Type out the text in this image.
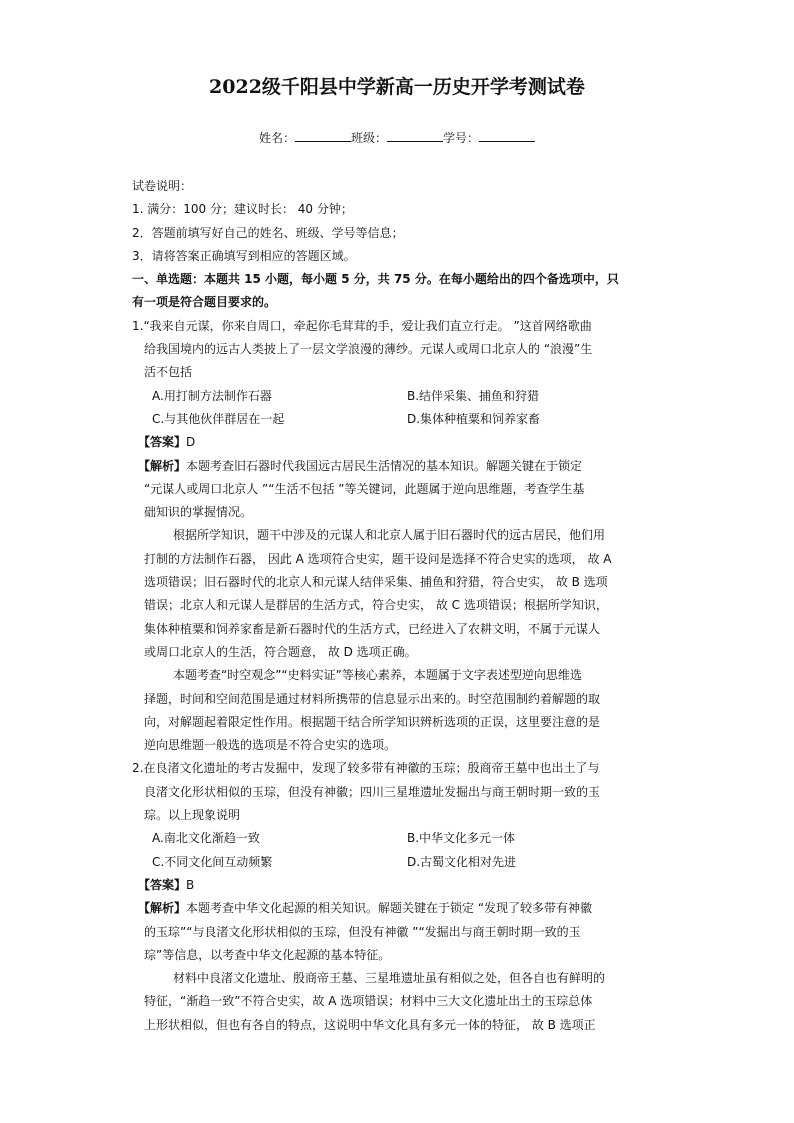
2022级千阳县中学新高一历史开学考测试卷
姓名：	班级：	学号：
试卷说明：
1. 满分：100 分；建议时长： 40 分钟；
2．答题前填写好自己的姓名、班级、学号等信息；
3．请将答案正确填写到相应的答题区域。
一、单选题：本题共 15 小题，每小题 5 分，共 75 分。在每小题给出的四个备选项中，只
有一项是符合题目要求的。
1.“我来自元谋，你来自周口，牵起你毛茸茸的手，爱让我们直立行走。 ”这首网络歌曲
给我国境内的远古人类披上了一层文学浪漫的薄纱。元谋人或周口北京人的 “浪漫”生
活不包括
A.用打制方法制作石器	B.结伴采集、捕鱼和狩猎
C.与其他伙伴群居在一起	D.集体种植粟和饲养家畜
【答案】D
【解析】本题考查旧石器时代我国远古居民生活情况的基本知识。解题关键在于锁定
“元谋人或周口北京人 ”“生活不包括 ”等关键词，此题属于逆向思维题，考查学生基
础知识的掌握情况。
根据所学知识，题干中涉及的元谋人和北京人属于旧石器时代的远古居民，他们用
打制的方法制作石器， 因此 A 选项符合史实，题干设问是选择不符合史实的选项， 故 A
选项错误；旧石器时代的北京人和元谋人结伴采集、捕鱼和狩猎，符合史实， 故 B 选项
错误；北京人和元谋人是群居的生活方式，符合史实， 故 C 选项错误；根据所学知识，
集体种植粟和饲养家畜是新石器时代的生活方式，已经进入了农耕文明，不属于元谋人
或周口北京人的生活，符合题意， 故 D 选项正确。
本题考查“时空观念”“史料实证”等核心素养，本题属于文字表述型逆向思维选
择题，时间和空间范围是通过材料所携带的信息显示出来的。时空范围制约着解题的取
向，对解题起着限定性作用。根据题干结合所学知识辨析选项的正误，这里要注意的是
逆向思维题一般选的选项是不符合史实的选项。
2.在良渚文化遗址的考古发掘中，发现了较多带有神徽的玉琮；殷商帝王墓中也出土了与
良渚文化形状相似的玉琮，但没有神徽；四川三星堆遗址发掘出与商王朝时期一致的玉
琮。以上现象说明
A.南北文化渐趋一致	B.中华文化多元一体
C.不同文化间互动频繁	D.古蜀文化相对先进
【答案】B
【解析】本题考查中华文化起源的相关知识。解题关键在于锁定 “发现了较多带有神徽
的玉琮”“与良渚文化形状相似的玉琮，但没有神徽 ”“发掘出与商王朝时期一致的玉
琮”等信息，以考查中华文化起源的基本特征。
材料中良渚文化遗址、殷商帝王墓、三星堆遗址虽有相似之处，但各自也有鲜明的
特征，“渐趋一致”不符合史实，故 A 选项错误；材料中三大文化遗址出土的玉琮总体
上形状相似，但也有各自的特点，这说明中华文化具有多元一体的特征， 故 B 选项正
